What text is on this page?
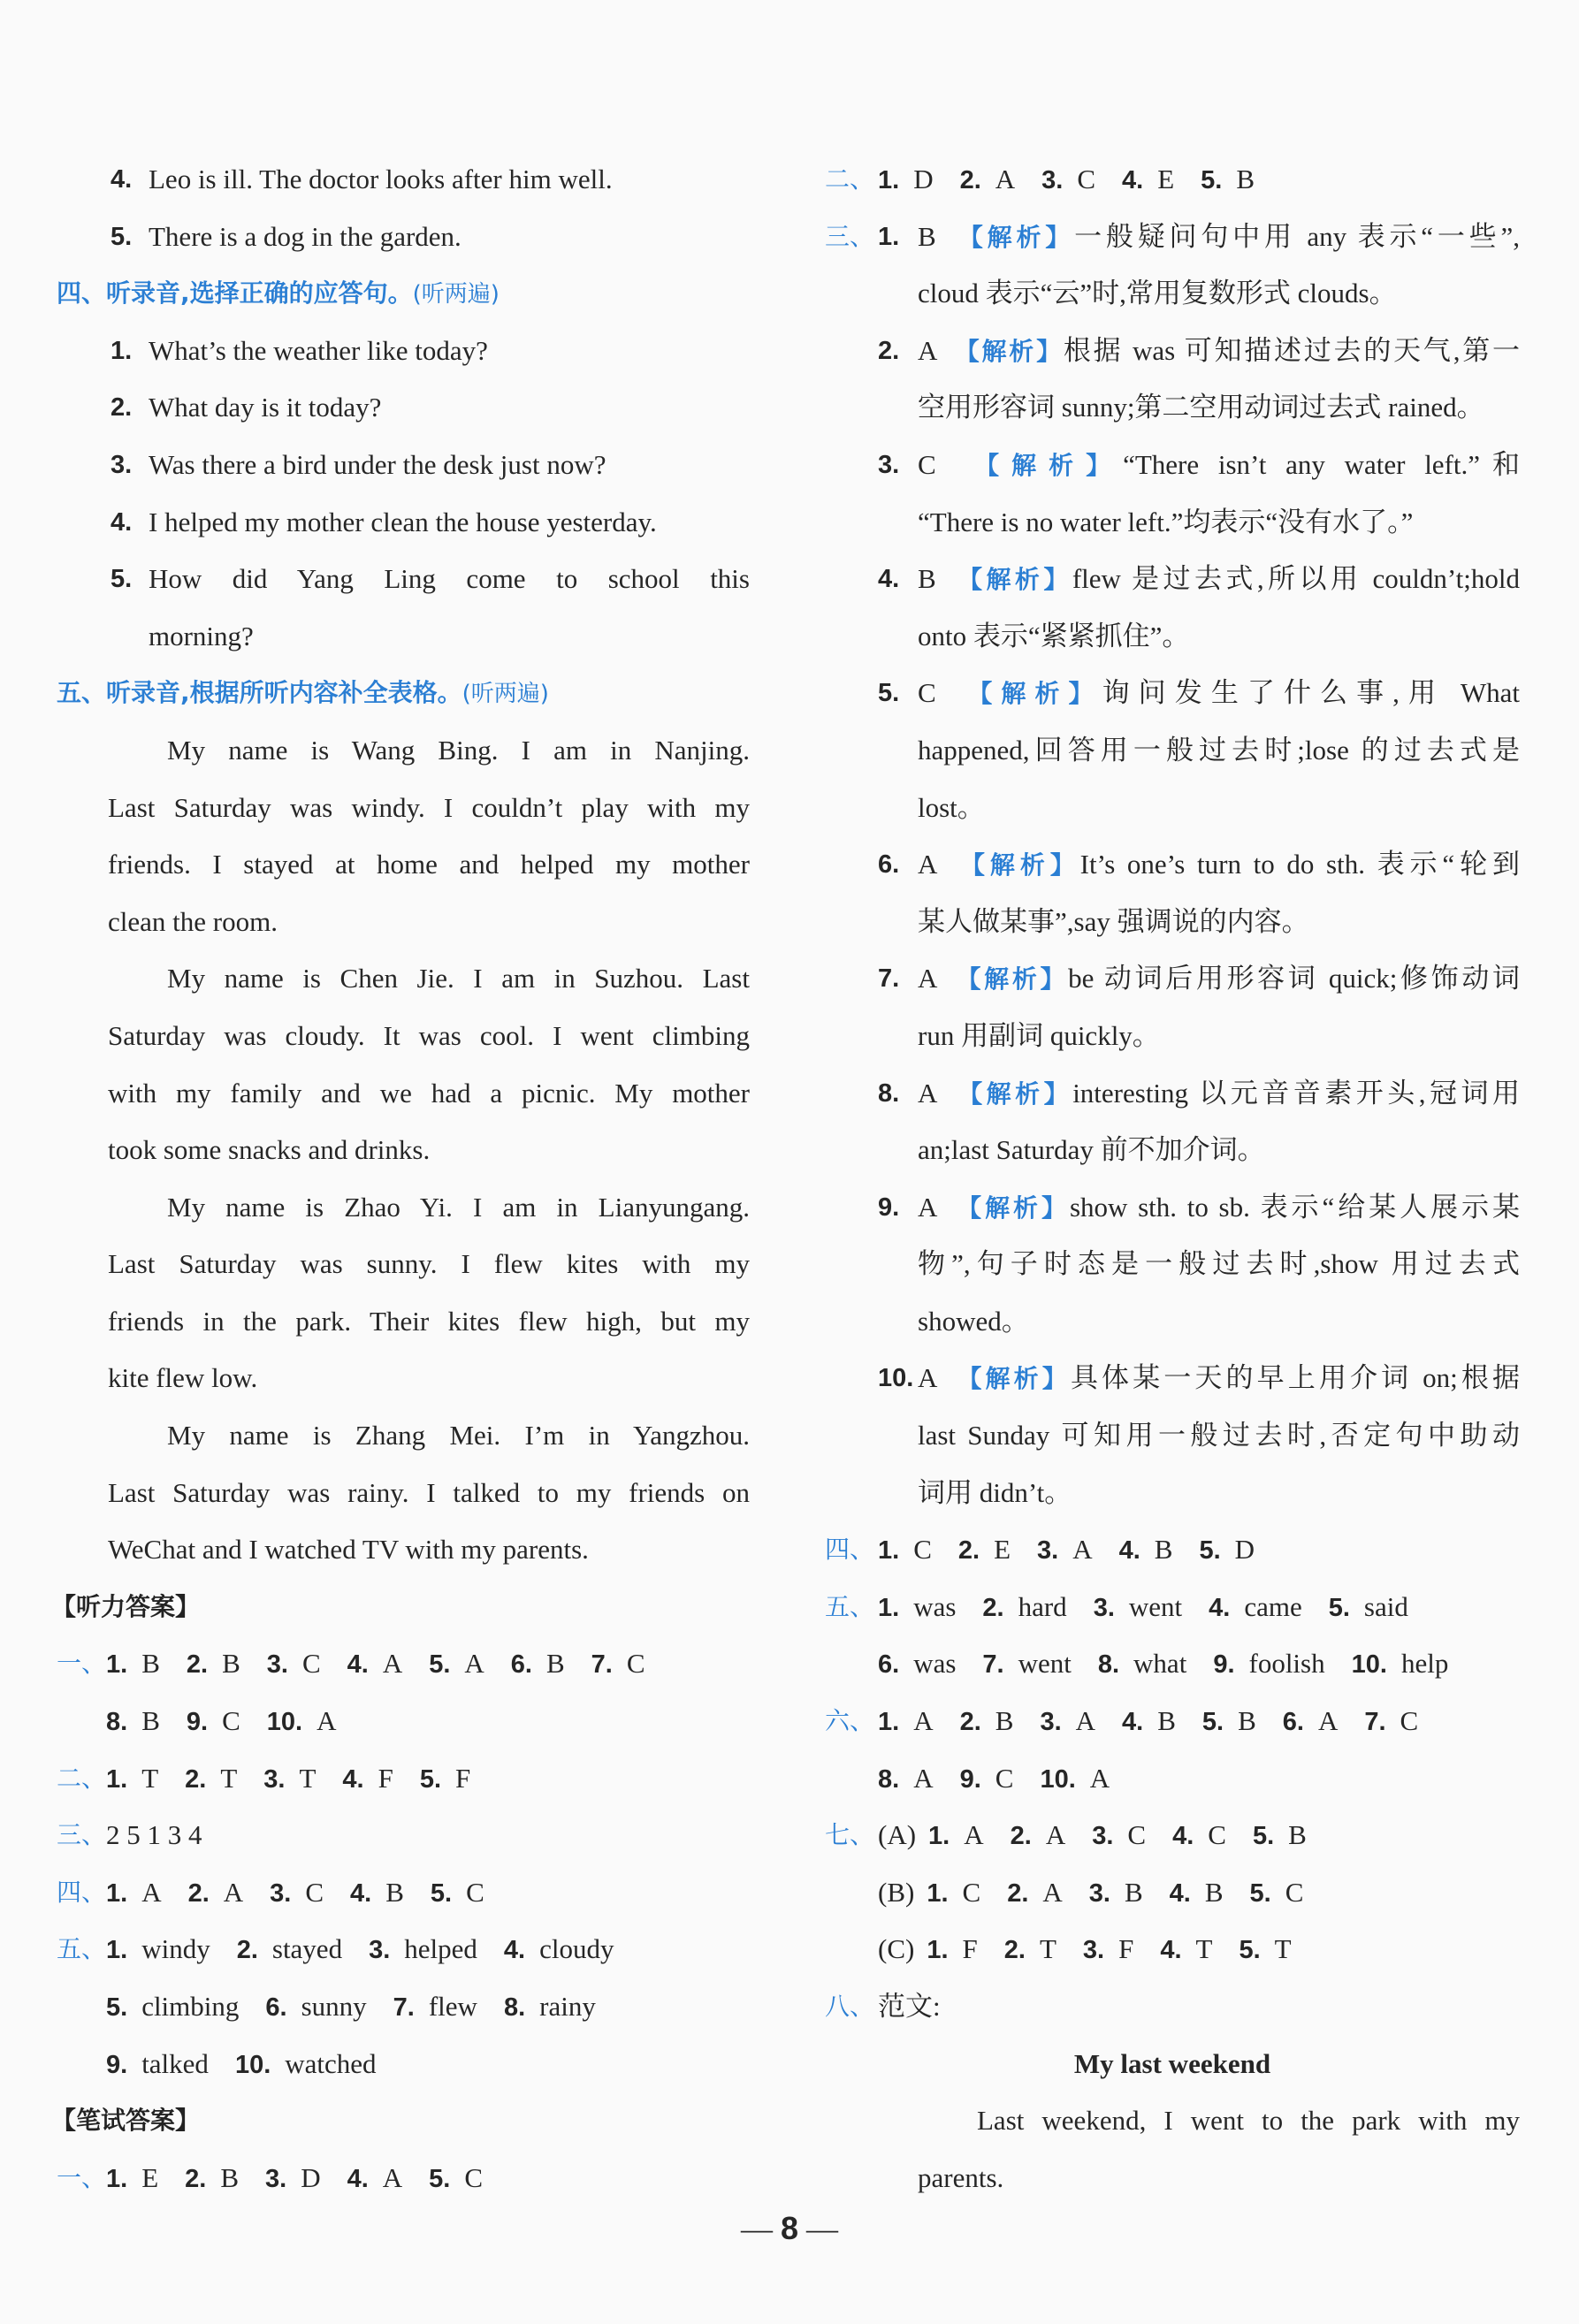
4. Leo is ill. The doctor looks after him well.
5. There is a dog in the garden.
四、听录音,选择正确的应答句。(听两遍)
1. What’s the weather like today?
2. What day is it today?
3. Was there a bird under the desk just now?
4. I helped my mother clean the house yesterday.
5. How did Yang Ling come to school this
morning?
五、听录音,根据所听内容补全表格。(听两遍)
My name is Wang Bing. I am in Nanjing.
Last Saturday was windy. I couldn’t play with my
friends. I stayed at home and helped my mother
clean the room.
My name is Chen Jie. I am in Suzhou. Last
Saturday was cloudy. It was cool. I went climbing
with my family and we had a picnic. My mother
took some snacks and drinks.
My name is Zhao Yi. I am in Lianyungang.
Last Saturday was sunny. I flew kites with my
friends in the park. Their kites flew high, but my
kite flew low.
My name is Zhang Mei. I’m in Yangzhou.
Last Saturday was rainy. I talked to my friends on
WeChat and I watched TV with my parents.
【听力答案】
一、 1. B 2. B 3. C 4. A 5. A 6. B 7. C
8. B 9. C 10. A
二、 1. T 2. T 3. T 4. F 5. F
三、 2 5 1 3 4
四、 1. A 2. A 3. C 4. B 5. C
五、 1. windy 2. stayed 3. helped 4. cloudy
5. climbing 6. sunny 7. flew 8. rainy
9. talked 10. watched
【笔试答案】
一、 1. E 2. B 3. D 4. A 5. C
二、 1. D 2. A 3. C 4. E 5. B
三、 1. B 【解析】一般疑问句中用 any 表示“一些”,
cloud 表示“云”时,常用复数形式 clouds。
2. A 【解析】根据 was 可知描述过去的天气,第一
空用形容词 sunny;第二空用动词过去式 rained。
3. C 【解析】“There isn’t any water left.”和
“There is no water left.”均表示“没有水了。”
4. B 【解析】flew 是过去式,所以用 couldn’t;hold
onto 表示“紧紧抓住”。
5. C 【解析】询问发生了什么事,用 What
happened,回答用一般过去时;lose 的过去式是
lost。
6. A 【解析】It’s one’s turn to do sth. 表示“轮到
某人做某事”,say 强调说的内容。
7. A 【解析】be 动词后用形容词 quick;修饰动词
run 用副词 quickly。
8. A 【解析】interesting 以元音音素开头,冠词用
an;last Saturday 前不加介词。
9. A 【解析】show sth. to sb. 表示“给某人展示某
物”,句子时态是一般过去时,show 用过去式
showed。
10. A 【解析】具体某一天的早上用介词 on;根据
last Sunday 可知用一般过去时,否定句中助动
词用 didn’t。
四、 1. C 2. E 3. A 4. B 5. D
五、 1. was 2. hard 3. went 4. came 5. said
6. was 7. went 8. what 9. foolish 10. help
六、 1. A 2. B 3. A 4. B 5. B 6. A 7. C
8. A 9. C 10. A
七、 (A) 1. A 2. A 3. C 4. C 5. B
(B) 1. C 2. A 3. B 4. B 5. C
(C) 1. F 2. T 3. F 4. T 5. T
八、 范文:
My last weekend
Last weekend, I went to the park with my
parents.
— 8 —
